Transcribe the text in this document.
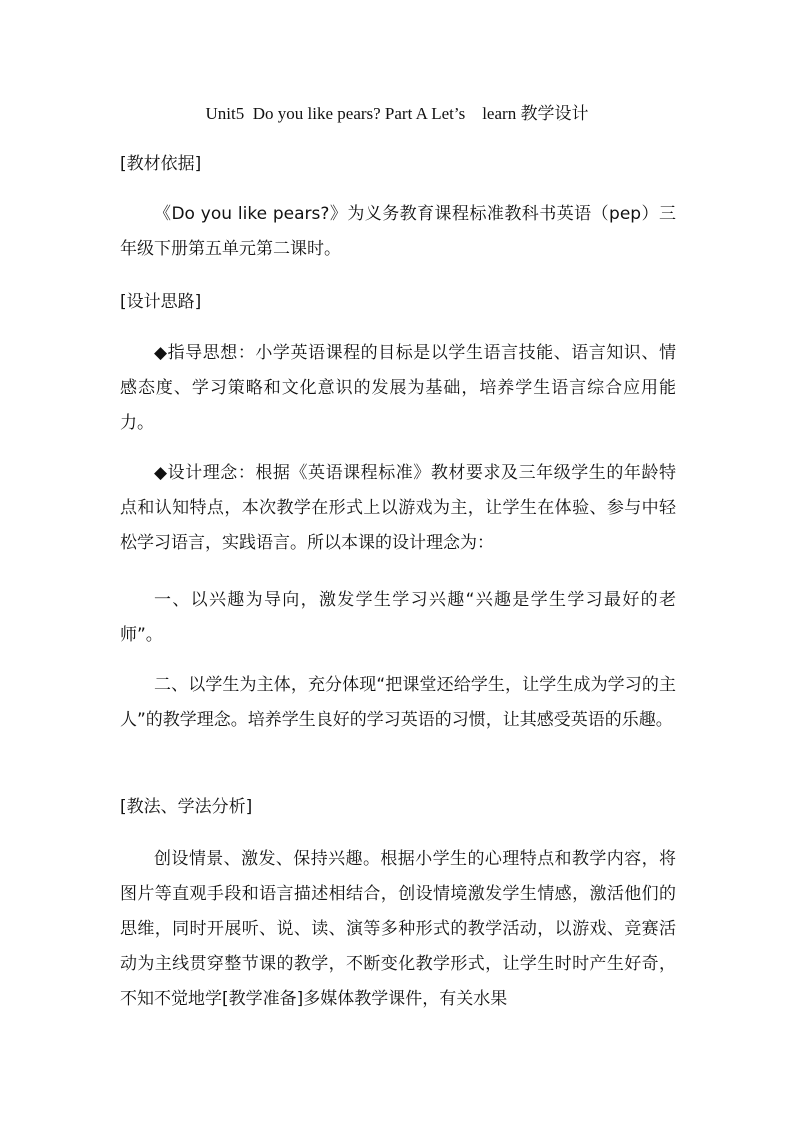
Unit5  Do you like pears? Part A Let’s    learn 教学设计
[教材依据]
《Do you like pears?》为义务教育课程标准教科书英语（pep）三年级下册第五单元第二课时。
[设计思路]
◆指导思想：小学英语课程的目标是以学生语言技能、语言知识、情感态度、学习策略和文化意识的发展为基础，培养学生语言综合应用能力。
◆设计理念：根据《英语课程标准》教材要求及三年级学生的年龄特点和认知特点，本次教学在形式上以游戏为主，让学生在体验、参与中轻松学习语言，实践语言。所以本课的设计理念为：
一、以兴趣为导向，激发学生学习兴趣“兴趣是学生学习最好的老师”。
二、以学生为主体，充分体现“把课堂还给学生，让学生成为学习的主人”的教学理念。培养学生良好的学习英语的习惯，让其感受英语的乐趣。
[教法、学法分析]
创设情景、激发、保持兴趣。根据小学生的心理特点和教学内容，将图片等直观手段和语言描述相结合，创设情境激发学生情感，激活他们的思维，同时开展听、说、读、演等多种形式的教学活动，以游戏、竞赛活动为主线贯穿整节课的教学，不断变化教学形式，让学生时时产生好奇，不知不觉地学[教学准备]多媒体教学课件，有关水果
